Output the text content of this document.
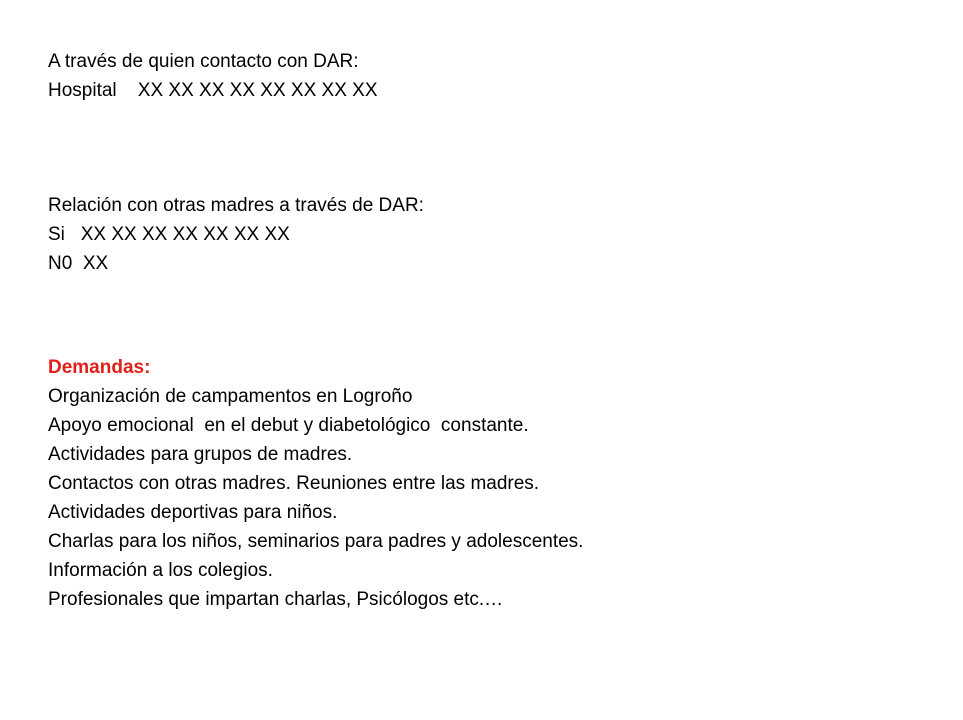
A través de quien contacto con DAR:
Hospital XX XX XX XX XX XX XX XX
Relación con otras madres a través de DAR:
Si XX XX XX XX XX XX XX
N0 XX
Demandas:
Organización de campamentos en Logroño
Apoyo emocional  en el debut y diabetológico  constante.
Actividades para grupos de madres.
Contactos con otras madres. Reuniones entre las madres.
Actividades deportivas para niños.
Charlas para los niños, seminarios para padres y adolescentes.
Información a los colegios.
Profesionales que impartan charlas, Psicólogos etc.…
